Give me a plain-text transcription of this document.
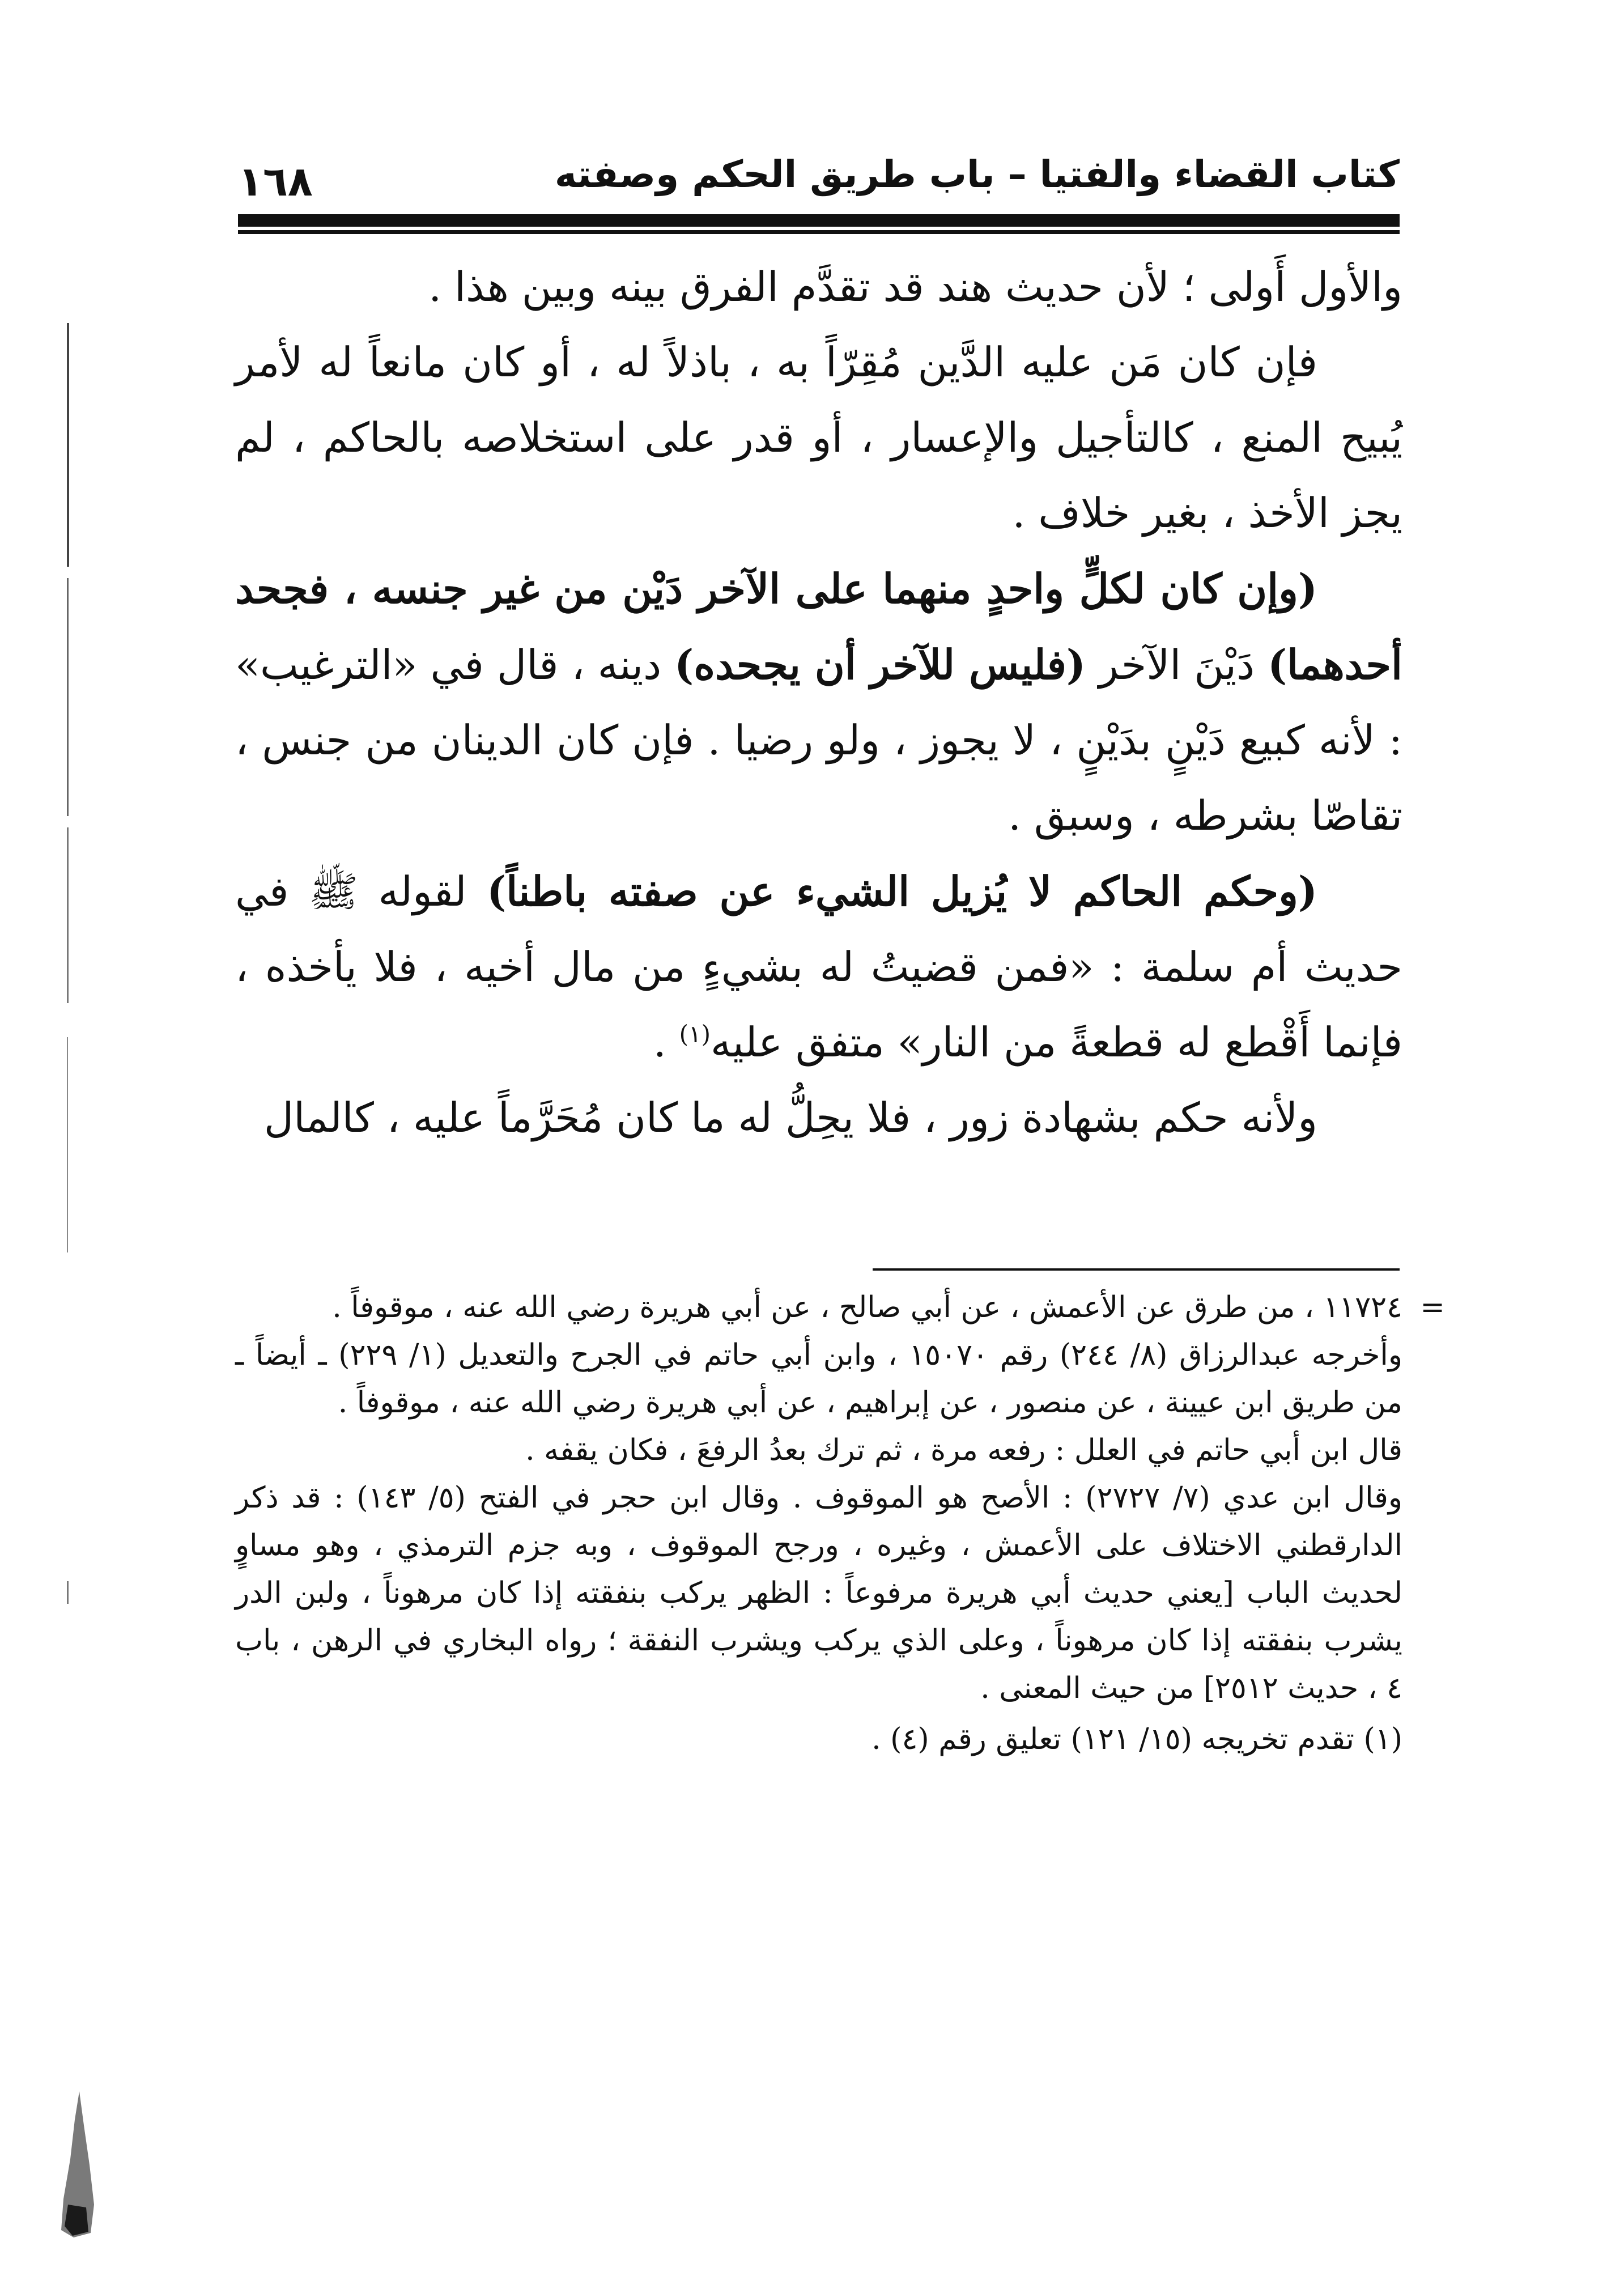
كتاب القضاء والفتيا – باب طريق الحكم وصفته
١٦٨

والأول أَولى ؛ لأن حديث هند قد تقدَّم الفرق بينه وبين هذا .

فإن كان مَن عليه الدَّين مُقِرّاً به ، باذلاً له ، أو كان مانعاً له لأمر يُبيح المنع ، كالتأجيل والإعسار ، أو قدر على استخلاصه بالحاكم ، لم يجز الأخذ ، بغير خلاف .

(وإن كان لكلٍّ واحدٍ منهما على الآخر دَيْن من غير جنسه ، فجحد أحدهما) دَيْنَ الآخر (فليس للآخر أن يجحده) دينه ، قال في «الترغيب» : لأنه كبيع دَيْنٍ بدَيْنٍ ، لا يجوز ، ولو رضيا . فإن كان الدينان من جنس ، تقاصّا بشرطه ، وسبق .

(وحكم الحاكم لا يُزيل الشيء عن صفته باطناً) لقوله ﷺ في حديث أم سلمة : «فمن قضيتُ له بشيءٍ من مال أخيه ، فلا يأخذه ، فإنما أَقْطع له قطعةً من النار» متفق عليه$^{(١)}$ .

ولأنه حكم بشهادة زور ، فلا يحِلُّ له ما كان مُحَرَّماً عليه ، كالمال

=
١١٧٢٤ ، من طرق عن الأعمش ، عن أبي صالح ، عن أبي هريرة رضي الله عنه ، موقوفاً .

وأخرجه عبدالرزاق (٨/ ٢٤٤) رقم ١٥٠٧٠ ، وابن أبي حاتم في الجرح والتعديل (١/ ٢٢٩) ـ أيضاً ـ من طريق ابن عيينة ، عن منصور ، عن إبراهيم ، عن أبي هريرة رضي الله عنه ، موقوفاً .

قال ابن أبي حاتم في العلل : رفعه مرة ، ثم ترك بعدُ الرفعَ ، فكان يقفه .

وقال ابن عدي (٧/ ٢٧٢٧) : الأصح هو الموقوف . وقال ابن حجر في الفتح (٥/ ١٤٣) : قد ذكر الدارقطني الاختلاف على الأعمش ، وغيره ، ورجح الموقوف ، وبه جزم الترمذي ، وهو مساوٍ لحديث الباب [يعني حديث أبي هريرة مرفوعاً : الظهر يركب بنفقته إذا كان مرهوناً ، ولبن الدر يشرب بنفقته إذا كان مرهوناً ، وعلى الذي يركب ويشرب النفقة ؛ رواه البخاري في الرهن ، باب ٤ ، حديث ٢٥١٢] من حيث المعنى .

(١) تقدم تخريجه (١٥/ ١٢١) تعليق رقم (٤) .
